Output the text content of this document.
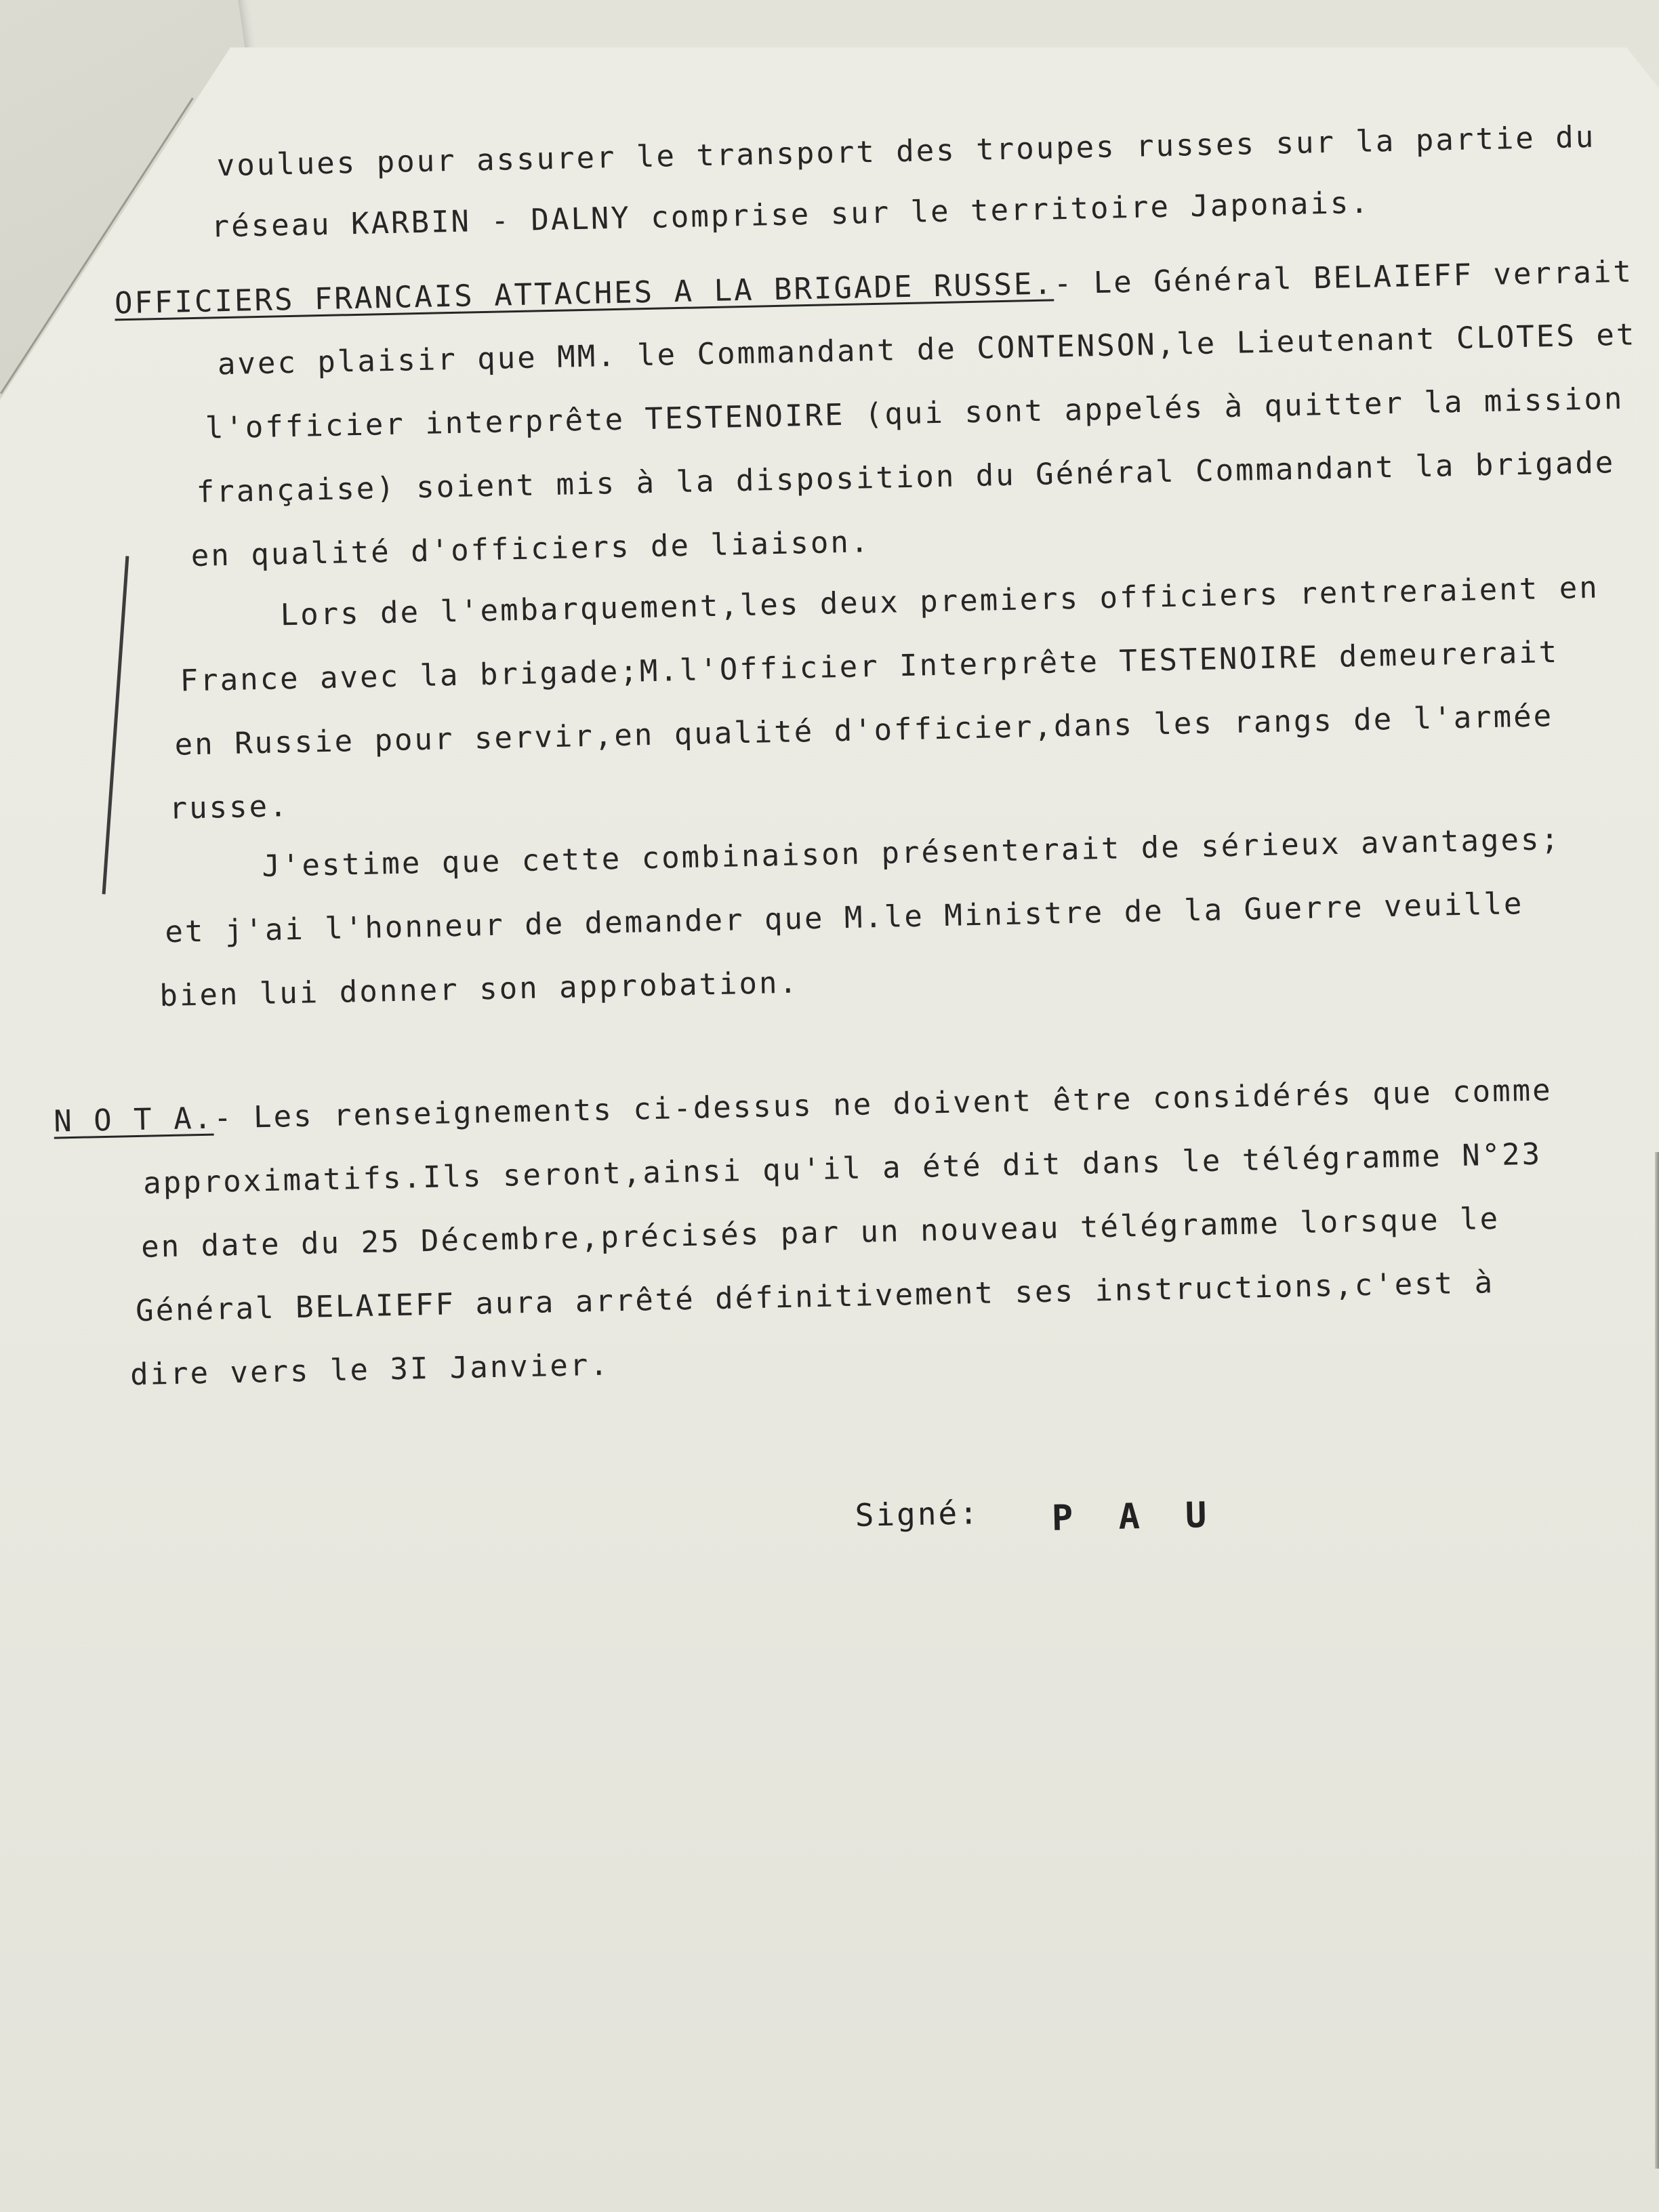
voulues pour assurer le transport des troupes russes sur la partie du
réseau KARBIN - DALNY comprise sur le territoire Japonais.
OFFICIERS FRANCAIS ATTACHES A LA BRIGADE RUSSE.- Le Général BELAIEFF verrait
avec plaisir que MM. le Commandant de CONTENSON,le Lieutenant CLOTES et
l'officier interprête TESTENOIRE (qui sont appelés à quitter la mission
française) soient mis à la disposition du Général Commandant la brigade
en qualité d'officiers de liaison.
Lors de l'embarquement,les deux premiers officiers rentreraient en
France avec la brigade;M.l'Officier Interprête TESTENOIRE demeurerait
en Russie pour servir,en qualité d'officier,dans les rangs de l'armée
russe.
J'estime que cette combinaison présenterait de sérieux avantages;
et j'ai l'honneur de demander que M.le Ministre de la Guerre veuille
bien lui donner son approbation.
N O T A.- Les renseignements ci-dessus ne doivent être considérés que comme
approximatifs.Ils seront,ainsi qu'il a été dit dans le télégramme N°23
en date du 25 Décembre,précisés par un nouveau télégramme lorsque le
Général BELAIEFF aura arrêté définitivement ses instructions,c'est à
dire vers le 3I Janvier.
Signé: P A U
